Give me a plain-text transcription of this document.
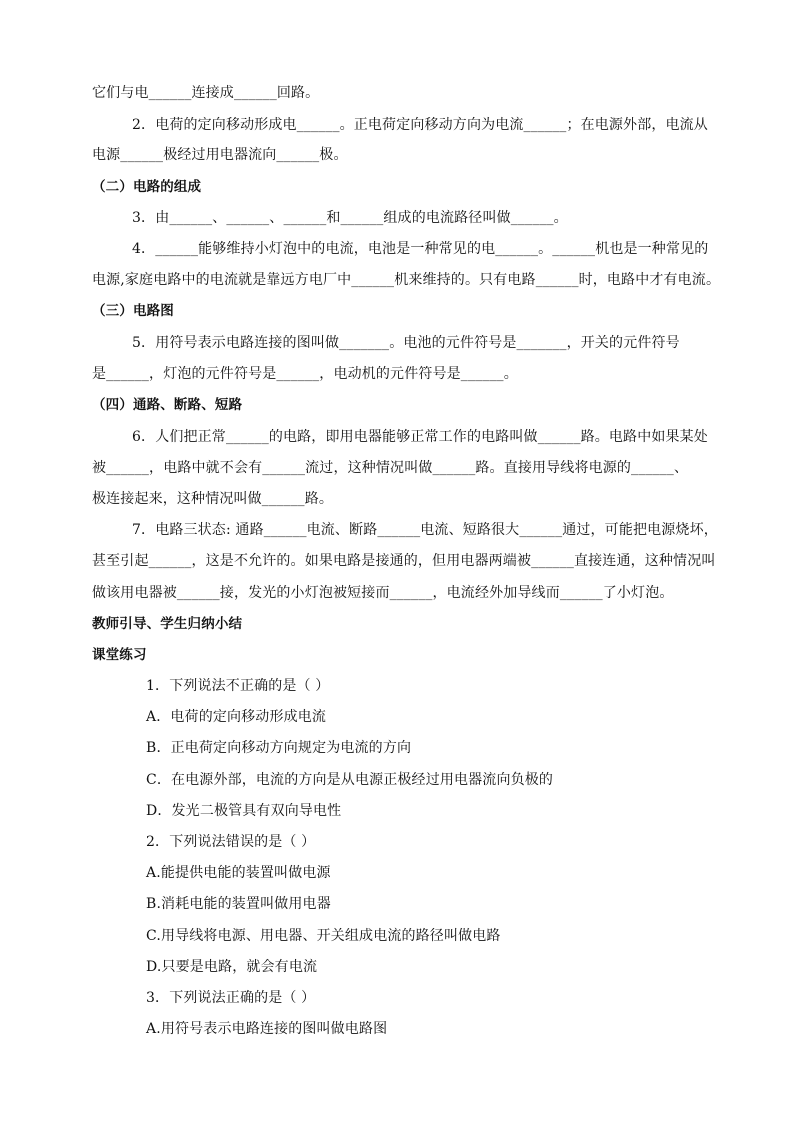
它们与电______连接成______回路。
2．电荷的定向移动形成电______。正电荷定向移动方向为电流______；在电源外部，电流从
电源______极经过用电器流向______极。
（二）电路的组成
3．由______、______、______和______组成的电流路径叫做______。
4．______能够维持小灯泡中的电流，电池是一种常见的电______。______机也是一种常见的
电源,家庭电路中的电流就是靠远方电厂中______机来维持的。只有电路______时，电路中才有电流。
（三）电路图
5．用符号表示电路连接的图叫做_______。电池的元件符号是_______，开关的元件符号
是______，灯泡的元件符号是______，电动机的元件符号是______。
（四）通路、断路、短路
6．人们把正常______的电路，即用电器能够正常工作的电路叫做______路。电路中如果某处
被______，电路中就不会有______流过，这种情况叫做______路。直接用导线将电源的______、
极连接起来，这种情况叫做______路。
7．电路三状态: 通路______电流、断路______电流、短路很大______通过，可能把电源烧坏，
甚至引起______，这是不允许的。如果电路是接通的，但用电器两端被______直接连通，这种情况叫
做该用电器被______接，发光的小灯泡被短接而______，电流经外加导线而______了小灯泡。
教师引导、学生归纳小结
课堂练习
1．下列说法不正确的是（ ）
A．电荷的定向移动形成电流
B．正电荷定向移动方向规定为电流的方向
C．在电源外部，电流的方向是从电源正极经过用电器流向负极的
D．发光二极管具有双向导电性
2．下列说法错误的是（ ）
A.能提供电能的装置叫做电源
B.消耗电能的装置叫做用电器
C.用导线将电源、用电器、开关组成电流的路径叫做电路
D.只要是电路，就会有电流
3．下列说法正确的是（ ）
A.用符号表示电路连接的图叫做电路图
